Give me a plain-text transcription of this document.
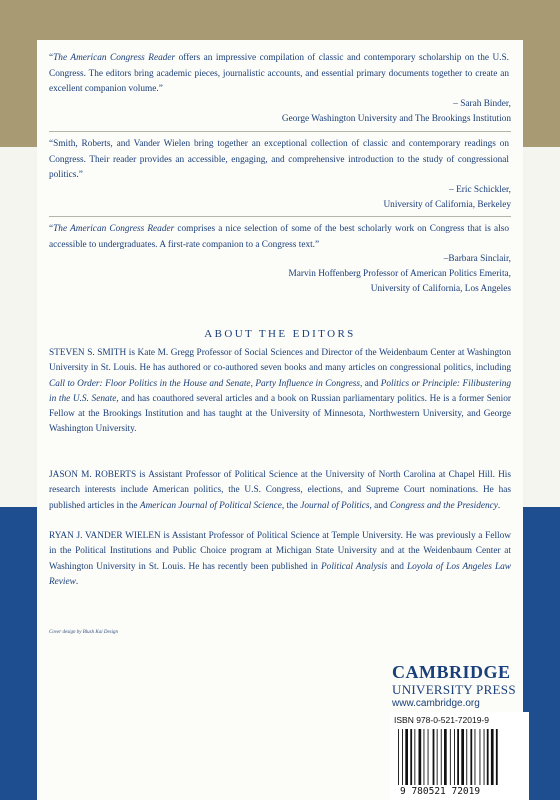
“The American Congress Reader offers an impressive compilation of classic and contemporary scholarship on the U.S. Congress. The editors bring academic pieces, journalistic accounts, and essential primary documents together to create an excellent companion volume.”
– Sarah Binder,
George Washington University and The Brookings Institution
“Smith, Roberts, and Vander Wielen bring together an exceptional collection of classic and contemporary readings on Congress. Their reader provides an accessible, engaging, and comprehensive introduction to the study of congressional politics.”
– Eric Schickler,
University of California, Berkeley
“The American Congress Reader comprises a nice selection of some of the best scholarly work on Congress that is also accessible to undergraduates. A first-rate companion to a Congress text.”
–Barbara Sinclair,
Marvin Hoffenberg Professor of American Politics Emerita,
University of California, Los Angeles
ABOUT THE EDITORS
STEVEN S. SMITH is Kate M. Gregg Professor of Social Sciences and Director of the Weidenbaum Center at Washington University in St. Louis. He has authored or co-authored seven books and many articles on congressional politics, including Call to Order: Floor Politics in the House and Senate, Party Influence in Congress, and Politics or Principle: Filibustering in the U.S. Senate, and has coauthored several articles and a book on Russian parliamentary politics. He is a former Senior Fellow at the Brookings Institution and has taught at the University of Minnesota, Northwestern University, and George Washington University.
JASON M. ROBERTS is Assistant Professor of Political Science at the University of North Carolina at Chapel Hill. His research interests include American politics, the U.S. Congress, elections, and Supreme Court nominations. He has published articles in the American Journal of Political Science, the Journal of Politics, and Congress and the Presidency.
RYAN J. VANDER WIELEN is Assistant Professor of Political Science at Temple University. He was previously a Fellow in the Political Institutions and Public Choice program at Michigan State University and at the Weidenbaum Center at Washington University in St. Louis. He has recently been published in Political Analysis and Loyola of Los Angeles Law Review.
Cover design by Blush Kai Design
CAMBRIDGE
UNIVERSITY PRESS
www.cambridge.org
ISBN 978-0-521-72019-9
9 780521 72019
